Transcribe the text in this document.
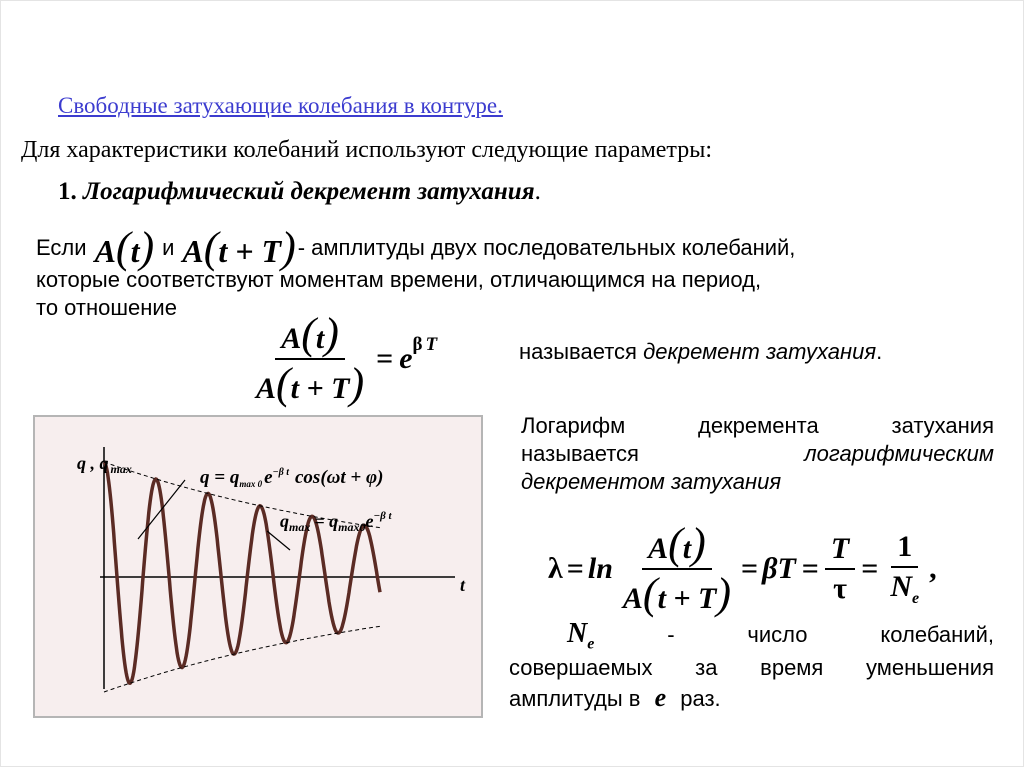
Свободные затухающие колебания в контуре.
Для характеристики колебаний используют следующие параметры:
1. Логарифмический декремент затухания.
Если A(t) и A(t + T) - амплитуды двух последовательных колебаний,
которые соответствуют моментам времени, отличающимся на период,
то отношение
$\frac{A(t)}{A(t + T)} = e$ β T	называется декремент затухания.
q , q $_{max}$	$q = q_{max 0}$ $e^{-\beta t}$ cos(ωt + φ)
$q_{max} = q_{max0}e^{-\beta t}$
t
Логарифм декремента затухания
называется	логарифмическим
декрементом затухания
$\lambda = \ln \frac{A(t)}{A(t + T)} = \beta T = \frac{T}{\tau} = \frac{1}{N_e}$ ,
$N_e$	-	число	колебаний,
совершаемых за время уменьшения
амплитуды в e раз.
